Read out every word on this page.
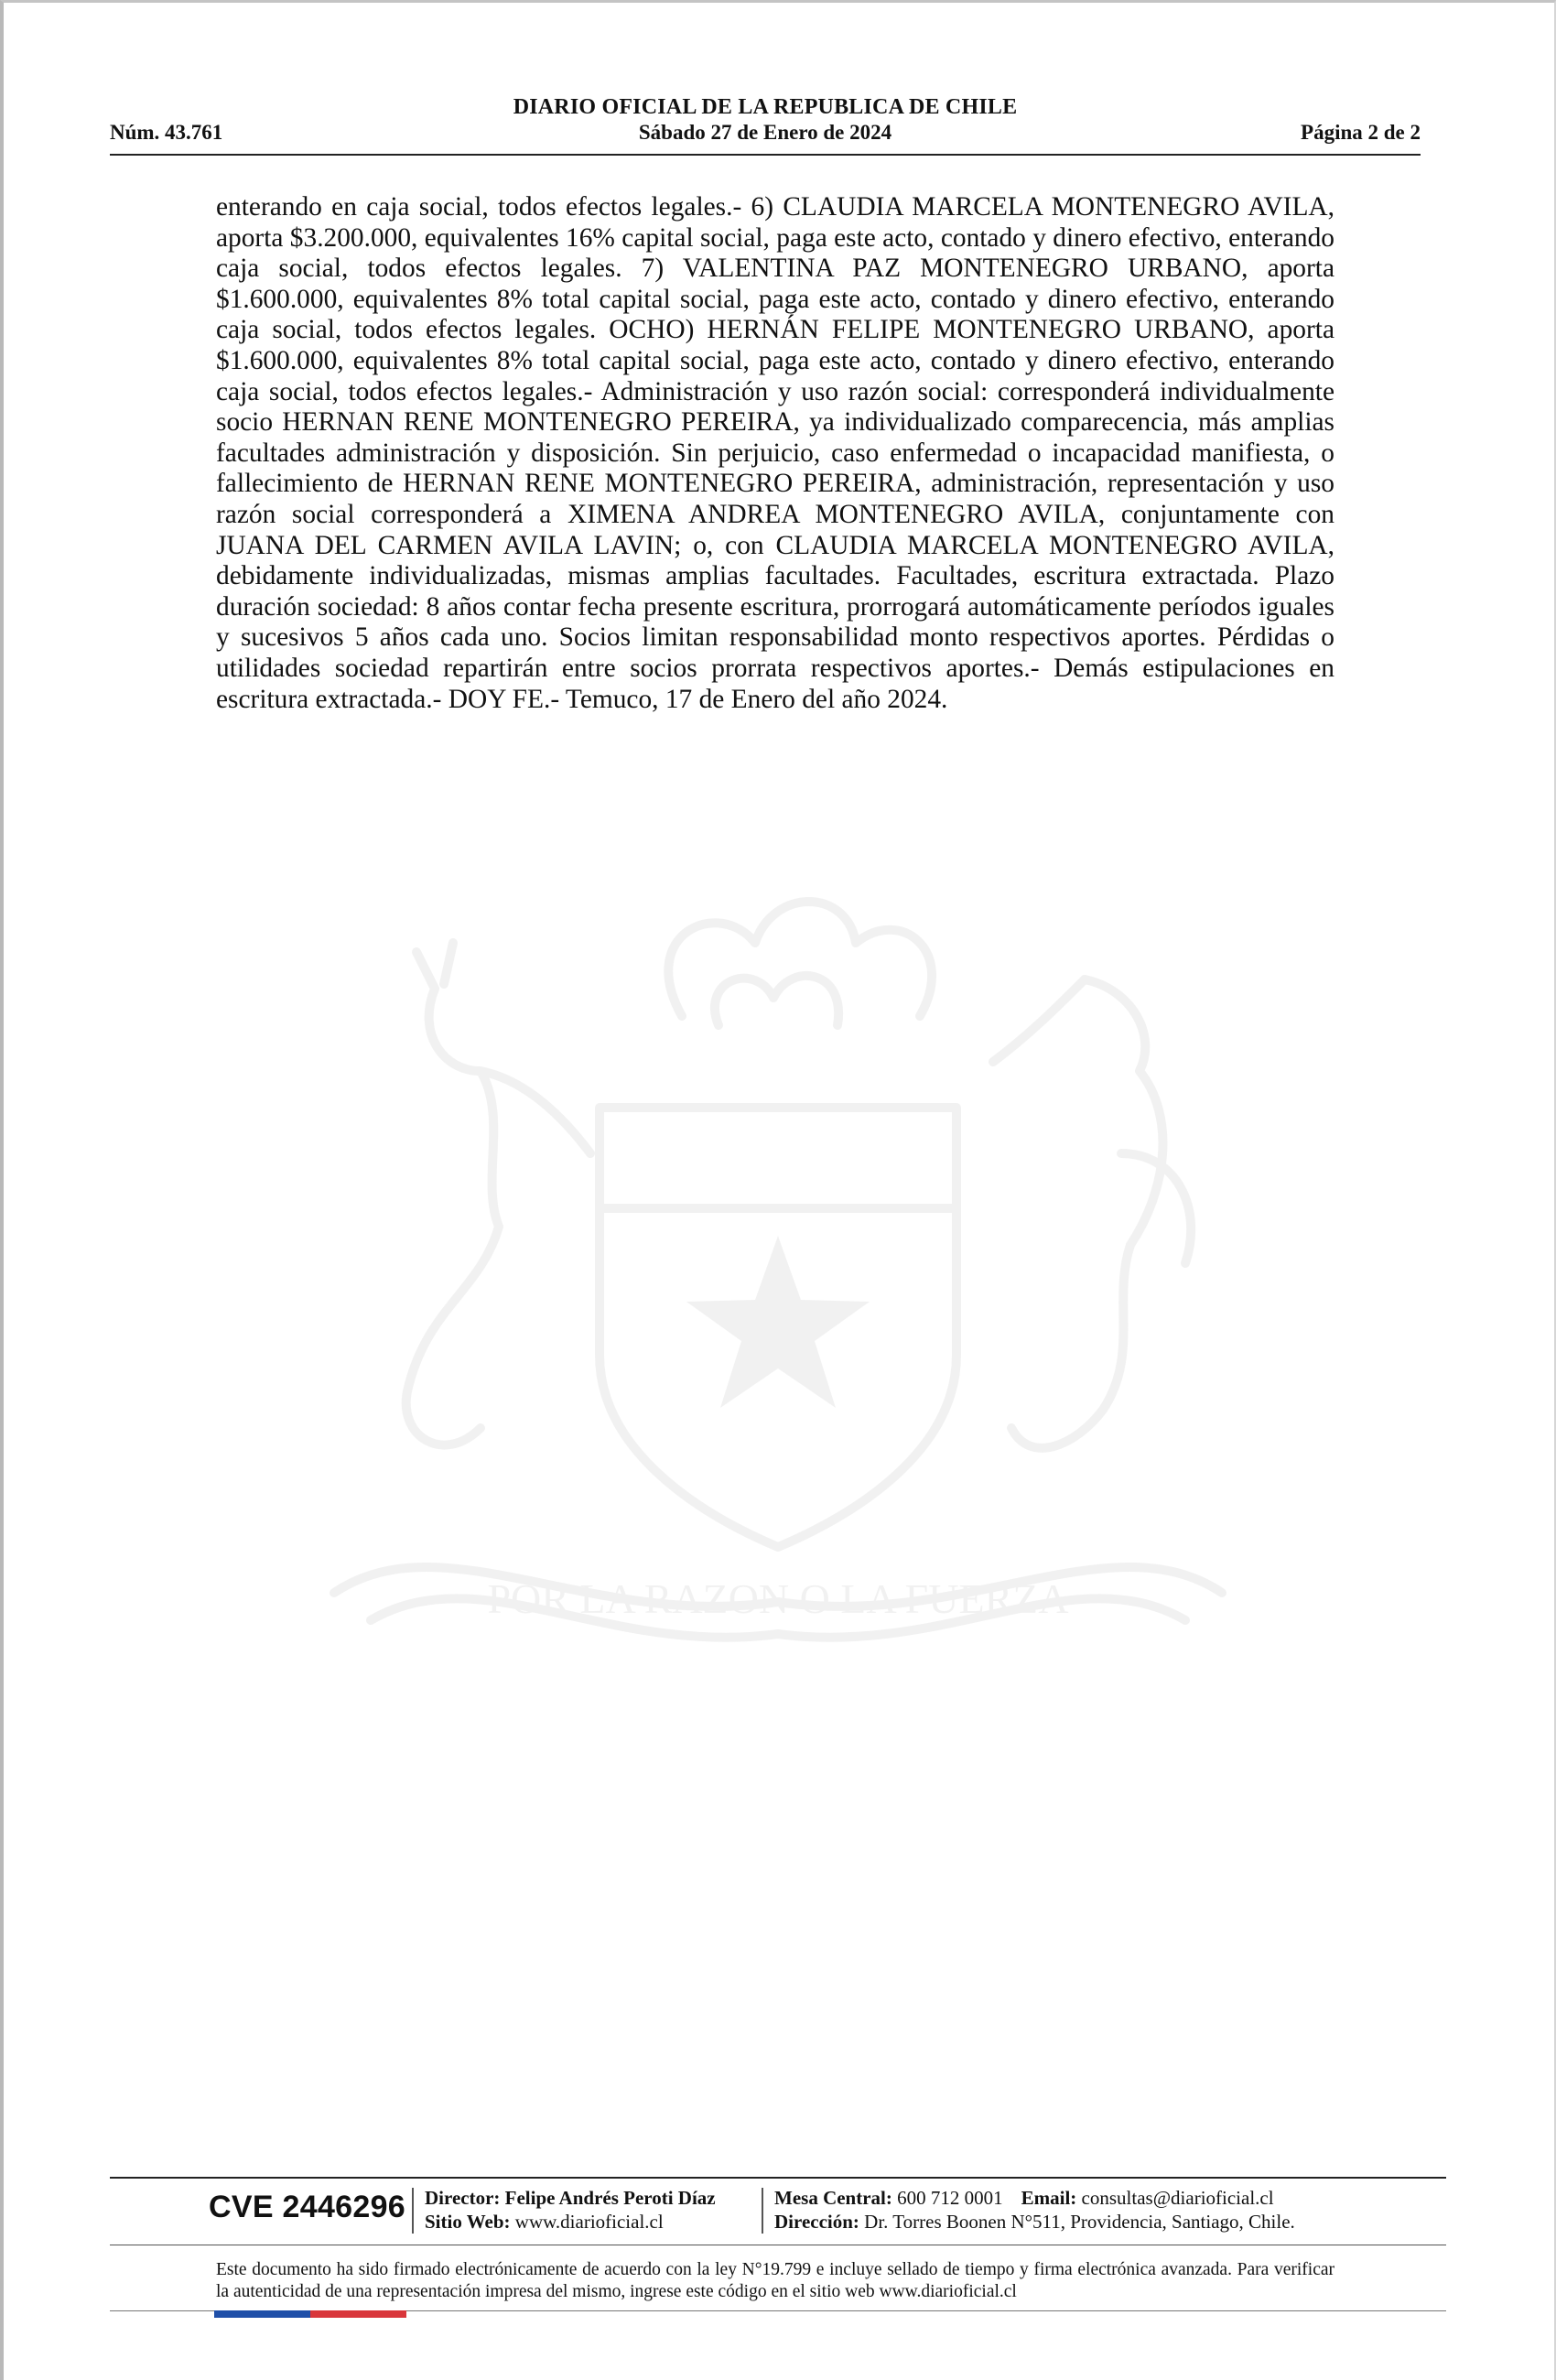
DIARIO OFICIAL DE LA REPUBLICA DE CHILE
Núm. 43.761	Sábado 27 de Enero de 2024	Página 2 de 2
enterando en caja social, todos efectos legales.- 6) CLAUDIA MARCELA MONTENEGRO AVILA, aporta $3.200.000, equivalentes 16% capital social, paga este acto, contado y dinero efectivo, enterando caja social, todos efectos legales. 7) VALENTINA PAZ MONTENEGRO URBANO, aporta $1.600.000, equivalentes 8% total capital social, paga este acto, contado y dinero efectivo, enterando caja social, todos efectos legales. OCHO) HERNÁN FELIPE MONTENEGRO URBANO, aporta $1.600.000, equivalentes 8% total capital social, paga este acto, contado y dinero efectivo, enterando caja social, todos efectos legales.- Administración y uso razón social: corresponderá individualmente socio HERNAN RENE MONTENEGRO PEREIRA, ya individualizado comparecencia, más amplias facultades administración y disposición. Sin perjuicio, caso enfermedad o incapacidad manifiesta, o fallecimiento de HERNAN RENE MONTENEGRO PEREIRA, administración, representación y uso razón social corresponderá a XIMENA ANDREA MONTENEGRO AVILA, conjuntamente con JUANA DEL CARMEN AVILA LAVIN; o, con CLAUDIA MARCELA MONTENEGRO AVILA, debidamente individualizadas, mismas amplias facultades. Facultades, escritura extractada. Plazo duración sociedad: 8 años contar fecha presente escritura, prorrogará automáticamente períodos iguales y sucesivos 5 años cada uno. Socios limitan responsabilidad monto respectivos aportes. Pérdidas o utilidades sociedad repartirán entre socios prorrata respectivos aportes.- Demás estipulaciones en escritura extractada.- DOY FE.- Temuco, 17 de Enero del año 2024.
POR LA RAZON O LA FUERZA
CVE 2446296 Director: Felipe Andrés Peroti Díaz
Sitio Web: www.diarioficial.cl
Mesa Central: 600 712 0001 Email: consultas@diarioficial.cl
Dirección: Dr. Torres Boonen N°511, Providencia, Santiago, Chile.
Este documento ha sido firmado electrónicamente de acuerdo con la ley N°19.799 e incluye sellado de tiempo y firma electrónica avanzada. Para verificar la autenticidad de una representación impresa del mismo, ingrese este código en el sitio web www.diarioficial.cl
